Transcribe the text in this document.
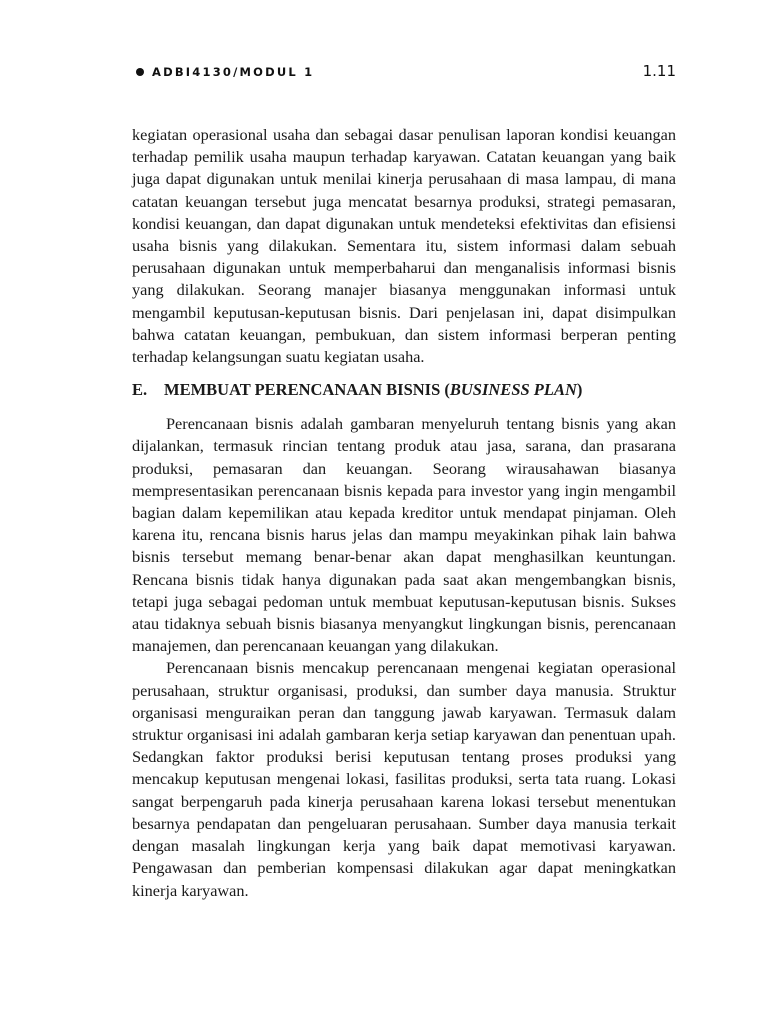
ADBI4130/MODUL 1	1.11

kegiatan operasional usaha dan sebagai dasar penulisan laporan kondisi keuangan terhadap pemilik usaha maupun terhadap karyawan. Catatan keuangan yang baik juga dapat digunakan untuk menilai kinerja perusahaan di masa lampau, di mana catatan keuangan tersebut juga mencatat besarnya produksi, strategi pemasaran, kondisi keuangan, dan dapat digunakan untuk mendeteksi efektivitas dan efisiensi usaha bisnis yang dilakukan. Sementara itu, sistem informasi dalam sebuah perusahaan digunakan untuk memperbaharui dan menganalisis informasi bisnis yang dilakukan. Seorang manajer biasanya menggunakan informasi untuk mengambil keputusan-keputusan bisnis. Dari penjelasan ini, dapat disimpulkan bahwa catatan keuangan, pembukuan, dan sistem informasi berperan penting terhadap kelangsungan suatu kegiatan usaha.

E.	MEMBUAT PERENCANAAN BISNIS (BUSINESS PLAN)

Perencanaan bisnis adalah gambaran menyeluruh tentang bisnis yang akan dijalankan, termasuk rincian tentang produk atau jasa, sarana, dan prasarana produksi, pemasaran dan keuangan. Seorang wirausahawan biasanya mempresentasikan perencanaan bisnis kepada para investor yang ingin mengambil bagian dalam kepemilikan atau kepada kreditor untuk mendapat pinjaman. Oleh karena itu, rencana bisnis harus jelas dan mampu meyakinkan pihak lain bahwa bisnis tersebut memang benar-benar akan dapat menghasilkan keuntungan. Rencana bisnis tidak hanya digunakan pada saat akan mengembangkan bisnis, tetapi juga sebagai pedoman untuk membuat keputusan-keputusan bisnis. Sukses atau tidaknya sebuah bisnis biasanya menyangkut lingkungan bisnis, perencanaan manajemen, dan perencanaan keuangan yang dilakukan.

Perencanaan bisnis mencakup perencanaan mengenai kegiatan operasional perusahaan, struktur organisasi, produksi, dan sumber daya manusia. Struktur organisasi menguraikan peran dan tanggung jawab karyawan. Termasuk dalam struktur organisasi ini adalah gambaran kerja setiap karyawan dan penentuan upah. Sedangkan faktor produksi berisi keputusan tentang proses produksi yang mencakup keputusan mengenai lokasi, fasilitas produksi, serta tata ruang. Lokasi sangat berpengaruh pada kinerja perusahaan karena lokasi tersebut menentukan besarnya pendapatan dan pengeluaran perusahaan. Sumber daya manusia terkait dengan masalah lingkungan kerja yang baik dapat memotivasi karyawan. Pengawasan dan pemberian kompensasi dilakukan agar dapat meningkatkan kinerja karyawan.
